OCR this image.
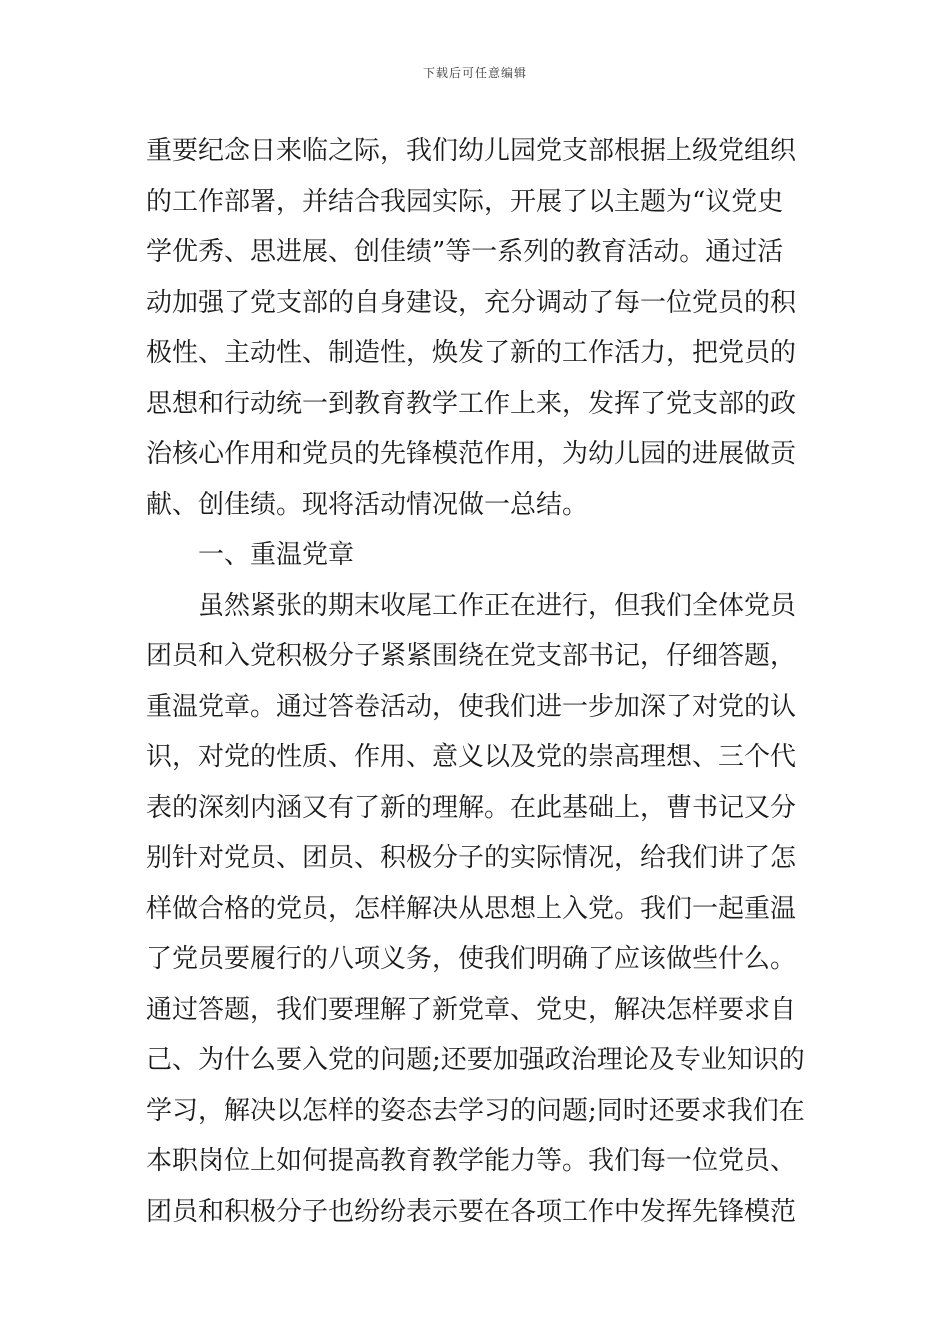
下载后可任意编辑
重要纪念日来临之际，我们幼儿园党支部根据上级党组织
的工作部署，并结合我园实际，开展了以主题为“议党史
学优秀、思进展、创佳绩”等一系列的教育活动。通过活
动加强了党支部的自身建设，充分调动了每一位党员的积
极性、主动性、制造性，焕发了新的工作活力，把党员的
思想和行动统一到教育教学工作上来，发挥了党支部的政
治核心作用和党员的先锋模范作用，为幼儿园的进展做贡
献、创佳绩。现将活动情况做一总结。
一、重温党章
虽然紧张的期末收尾工作正在进行，但我们全体党员
团员和入党积极分子紧紧围绕在党支部书记，仔细答题，
重温党章。通过答卷活动，使我们进一步加深了对党的认
识，对党的性质、作用、意义以及党的崇高理想、三个代
表的深刻内涵又有了新的理解。在此基础上，曹书记又分
别针对党员、团员、积极分子的实际情况，给我们讲了怎
样做合格的党员，怎样解决从思想上入党。我们一起重温
了党员要履行的八项义务，使我们明确了应该做些什么。
通过答题，我们要理解了新党章、党史，解决怎样要求自
己、为什么要入党的问题;还要加强政治理论及专业知识的
学习，解决以怎样的姿态去学习的问题;同时还要求我们在
本职岗位上如何提高教育教学能力等。我们每一位党员、
团员和积极分子也纷纷表示要在各项工作中发挥先锋模范
